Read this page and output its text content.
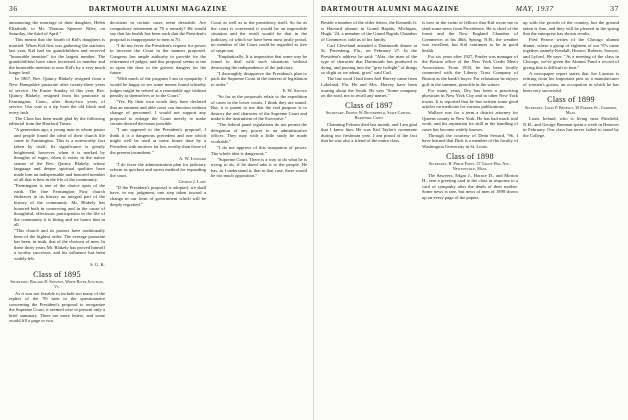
36	DARTMOUTH ALUMNI MAGAZINE

announcing the marriage of their daughter, Helen Elizabeth, to Mr. Thomas Spencer Niles, on Saturday, the third of April."

This means that the fourth of Kid's daughters is married. When Kid first was gathering the statistics last year, Kid had six grandchildren and received "honorable mention" for the largest number. The grandchildren have since increased in number and the honorable mention is now Kid's by a very much longer lead.

In 1867, Rev. Quincy Blakely resigned from a New Hampshire pastorate after twenty-three years of service. On Easter Sunday of this year, Rev. Quincy Blakely, resigned from his pastorate at Farmington, Conn., after thirty-two years of service. Our vote is a tip from the old block and every inch.

The Class has been made glad by the following editorial from the Hartford Times:

"A generation ago, a young man in whom pastor and people found the ideal of their church life came to Farmington. This is a noteworthy fact taken by itself. Its significance is greatly heightened, however, when it is marked by thoughts of eager, when it exists in the native stature of the Rev. Quincy Blakely, whose language and deeper spiritual qualities have made him an indispensable and honored member of all that is best in the life of the community.

"Farmington is one of the choice spots of the earth. The fine Farmington First church embraces in its history an integral part of the history of the community. Mr. Blakely has honored both in conserving and in the cause of thoughtful, effectuous participation in the life of the community it is fitting and we honor him in all.

"This church and its pastors have traditionally been of the highest order. The average pastorate has been, in truth, that of the choicest of men. In these thirty years Mr. Blakely has proved himself a worthy successor, and his influence has been widely felt.

S. G. K.

Class of 1895
Secretary, Roland D. Stevens, White River Junction, Vt.

As it was not feasible to include too many of the replies of the '95 men to the questionnaire concerning the President's proposal to reorganize the Supreme Court, it seemed wise to present only a brief summary. There are more letters, and some would fill a page or two.

decisions in certain cases seem desirable. Are compulsory retirement at 70 a remedy? He would say that his health has been such that the President's proposal is inappropriate to men at 70.

"I do not favor the President's request for power to increase the Court in the manner proposed. Congress has ample authority to provide for the retirement of judges, and this proposal seems to me to open the door to the gravest dangers for the future.

"With much of the program I am in sympathy. I would be happy to see some means found whereby judges might be retired at a reasonable age without penalty to themselves or to the Court."

"Yes. By their own words they have declared that an eminent and able court can function without change of personnel. I would not support any proposal to enlarge the Court merely to make certain desired decisions possible.

"I am opposed to the President's proposal. I think it is a dangerous precedent and one which might well be used at some future time by a President with motives far less worthy than those of the present incumbent."

A. W. Leonard

"I do favor the administration plan for judiciary reform as quickest and surest method for expanding the court.

George J. Lane

"If the President's proposal is adopted, we shall have, in my judgment, one step taken toward a change in our form of government which will be deeply regretted."

Court as well as to the presidency itself. So far as the court is concerned it would be an impossible situation and the result would be that in the judiciary, of which we have been most justly proud, no member of the Court could be regarded as free of suspicion.

"Emphatically. It is imperative that some way be found to deal with such situations without destroying the independence of the judiciary.

"I thoroughly disapprove the President's plan to pack the Supreme Court in the interest of legislation to order."

E. W. Sawyer

"So far as the proposals relate to the expedition of cases in the lower courts, I think they are sound. But, it is patent to me that the real purpose is to destroy the real character of the Supreme Court and make it the instrument of the Executive."

"The federal panel regulations do not permit the delegation of any power to an administrative officer. They may with a little study be made workable."

"I do not approve of this usurpation of power. The whole idea is dangerous."

"Supreme Court. There is a way to do what he is trying to do, if he dared take it to the people. He has, as I understand it, that in that case, there would be too much opposition."

DARTMOUTH ALUMNI MAGAZINE	MAY, 1937	37

Beside a number of the older letters, the Kenneth Jr. is Harvard alumni in Grand Rapids, Michigan, Hugh, '24, a member of the Grand Rapids Chamber of Commerce, told us of his family.

Carl Cleveland attended a Dartmouth dinner at St. Petersburg, Fla., on February 27. In the President's address he said: "Alas, the man of the type of character that Dartmouth has produced is dying, and passing into the "grey twilight" of things so slight as we admit, grow" said Carl.

The last word I had from Joel Harvey came from Lakeland, Fla. He and Mrs. Harvey have been touring about the South. He says "Some company on the road, not to recall any names."

Class of 1897
Secretary, Ernest W. Butterfield, State Capitol, Hartford, Conn.

Channing Folsom died last month, and I am glad that I knew him. He was Kid Taylor's roommate during our freshman year. I am proud of the fact that he was also a friend of the entire class.

is now in the swim of fellows that Kid wrote me to send some news from Providence. He is chief of the forest and the New England Chamber of Commerce; at his 46th, Spring, N.H., the weather was excellent, but Kid continues to be in good health.

For six years after 1927, Pruder was manager of the Boston office of the New York Credit Men's Association. From 1933, he has been locally connected with the Liberty Trust Company of Boston as the bank's buyer. For relaxation he enjoys golf in the summer, pinochle in the winter.

For many years, Dry has been a practicing physician in New York City and in other New York towns. It is reported that he has written some good articles on medicine for various publications.

Wallace was for a term a district attorney for Queens county in New York. He has had much trial work, and his reputation for skill in the handling of cases has become widely known.

Through the courtesy of Dean Seward, '96, I have learned that Dick is a member of the faculty of Washington University in St. Louis.

Class of 1898
Secretary, H. Philip Patey, 57 Grove Hill Ave., Newtonville, Mass.

The Sawyers, Edgar J., Horace D., and Morton H., sent a greeting card to the class in response to a card of sympathy after the death of their mother. Some news is rare, but news of men of 1898 shows up on every page of the papers.

up with the growth of the country, but the ground taken is fine, and they will be pleased in the spring that the enterprise has shown results.

Fred Pearce writes of the Chicago alumni dinner, where a group of eighteen of our '97s came together, namely Kendall, Horace, Roberts, Sawyer, and Lyford. He says: "At a meeting of the class in Chicago, we've given the Alumni Fund a record of giving that is difficult to beat."

A newspaper report states that Joe Lazarus is retiring from his important post as a manufacturer of women's gowns, an occupation in which he has been very successful.

Class of 1899
Secretary, Louis P. Benezet, 30 Parker St., Gardner, Mass.

Louis Ireland, who is living near Pittsfield, N.H., and George Brennan spent a week in Hanover in February. Our class has never failed to stand by the College.
